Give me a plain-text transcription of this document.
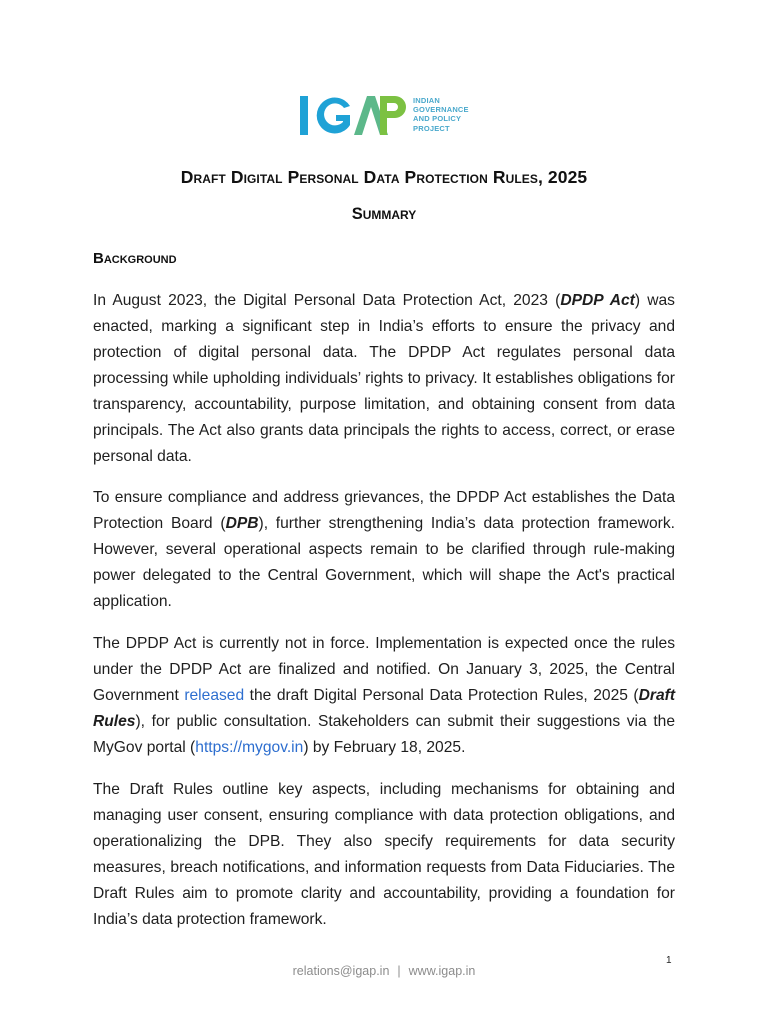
INDIAN
GOVERNANCE
AND POLICY
PROJECT
Draft Digital Personal Data Protection Rules, 2025
Summary
Background

In August 2023, the Digital Personal Data Protection Act, 2023 (DPDP Act) was enacted, marking a significant step in India’s efforts to ensure the privacy and protection of digital personal data. The DPDP Act regulates personal data processing while upholding individuals’ rights to privacy. It establishes obligations for transparency, accountability, purpose limitation, and obtaining consent from data principals. The Act also grants data principals the rights to access, correct, or erase personal data.

To ensure compliance and address grievances, the DPDP Act establishes the Data Protection Board (DPB), further strengthening India’s data protection framework. However, several operational aspects remain to be clarified through rule-making power delegated to the Central Government, which will shape the Act's practical application.

The DPDP Act is currently not in force. Implementation is expected once the rules under the DPDP Act are finalized and notified. On January 3, 2025, the Central Government released the draft Digital Personal Data Protection Rules, 2025 (Draft Rules), for public consultation. Stakeholders can submit their suggestions via the MyGov portal (https://mygov.in) by February 18, 2025.

The Draft Rules outline key aspects, including mechanisms for obtaining and managing user consent, ensuring compliance with data protection obligations, and operationalizing the DPB. They also specify requirements for data security measures, breach notifications, and information requests from Data Fiduciaries. The Draft Rules aim to promote clarity and accountability, providing a foundation for India’s data protection framework.

1
relations@igap.in | www.igap.in
